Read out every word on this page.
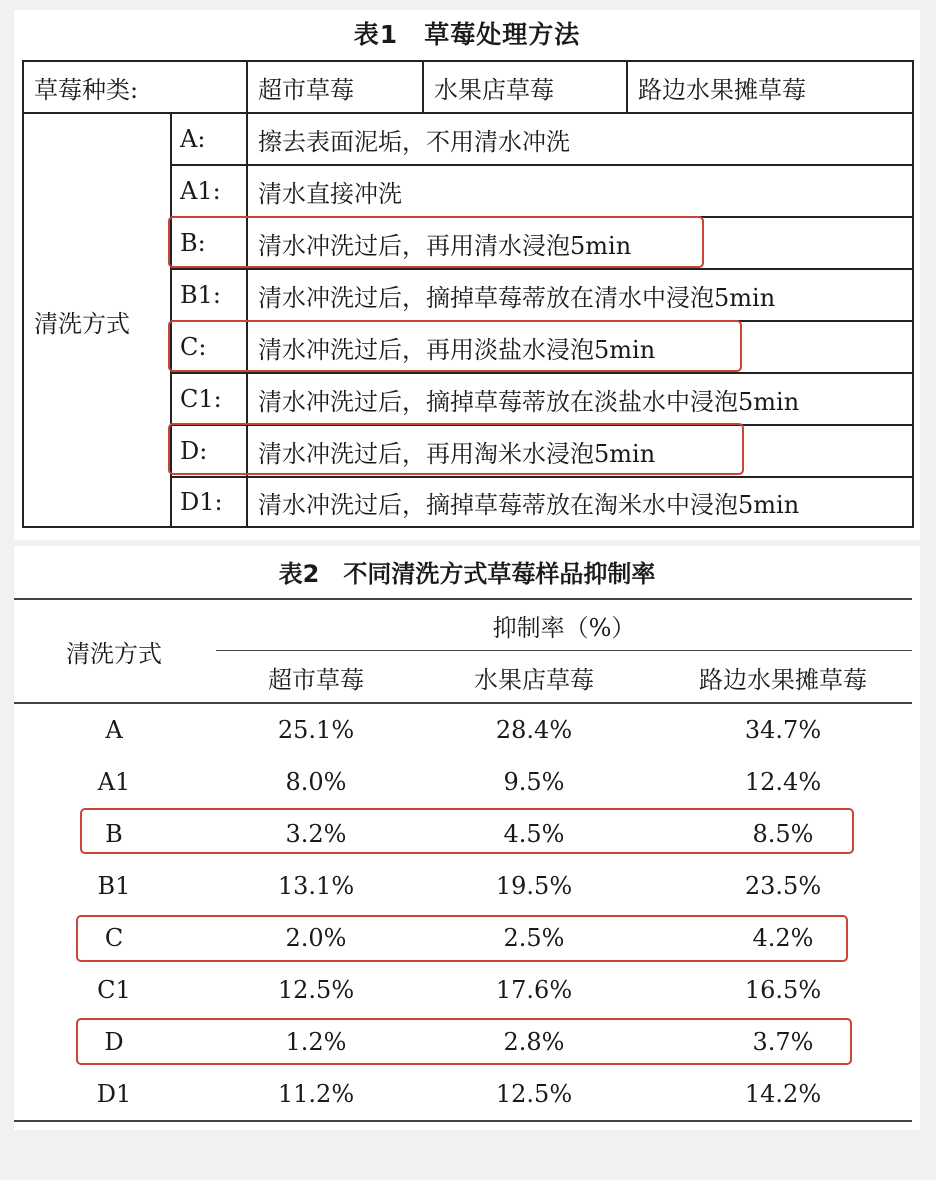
表1　草莓处理方法
草莓种类:	超市草莓	水果店草莓	路边水果摊草莓
清洗方式
A: 擦去表面泥垢，不用清水冲洗
A1: 清水直接冲洗
B: 清水冲洗过后，再用清水浸泡5min
B1: 清水冲洗过后，摘掉草莓蒂放在清水中浸泡5min
C: 清水冲洗过后，再用淡盐水浸泡5min
C1: 清水冲洗过后，摘掉草莓蒂放在淡盐水中浸泡5min
D: 清水冲洗过后，再用淘米水浸泡5min
D1: 清水冲洗过后，摘掉草莓蒂放在淘米水中浸泡5min
表2　不同清洗方式草莓样品抑制率
清洗方式
抑制率（%）
超市草莓	水果店草莓	路边水果摊草莓
A	25.1%	28.4%	34.7%
A1	8.0%	9.5%	12.4%
B	3.2%	4.5%	8.5%
B1	13.1%	19.5%	23.5%
C	2.0%	2.5%	4.2%
C1	12.5%	17.6%	16.5%
D	1.2%	2.8%	3.7%
D1	11.2%	12.5%	14.2%
